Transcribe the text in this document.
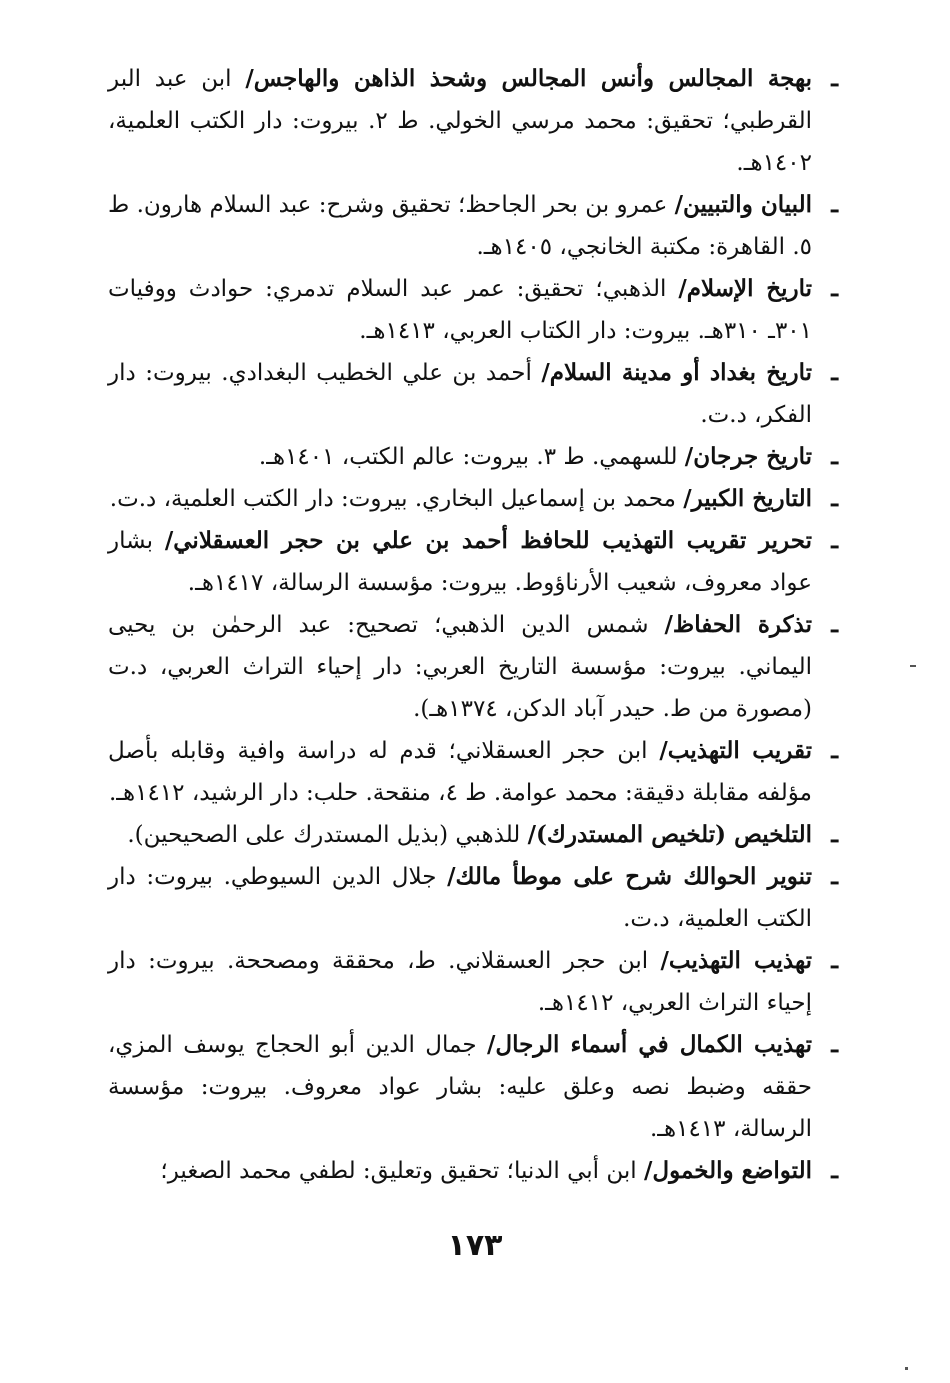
ـ
بهجة المجالس وأنس المجالس وشحذ الذاهن والهاجس/ ابن عبد البر القرطبي؛ تحقيق: محمد مرسي الخولي. ط ٢. بيروت: دار الكتب العلمية، ١٤٠٢هـ.
ـ
البيان والتبيين/ عمرو بن بحر الجاحظ؛ تحقيق وشرح: عبد السلام هارون. ط ٥. القاهرة: مكتبة الخانجي، ١٤٠٥هـ.
ـ
تاريخ الإسلام/ الذهبي؛ تحقيق: عمر عبد السلام تدمري: حوادث ووفيات ٣٠١ـ ٣١٠هـ. بيروت: دار الكتاب العربي، ١٤١٣هـ.
ـ
تاريخ بغداد أو مدينة السلام/ أحمد بن علي الخطيب البغدادي. بيروت: دار الفكر، د.ت.
ـ
تاريخ جرجان/ للسهمي. ط ٣. بيروت: عالم الكتب، ١٤٠١هـ.
ـ
التاريخ الكبير/ محمد بن إسماعيل البخاري. بيروت: دار الكتب العلمية، د.ت.
ـ
تحرير تقريب التهذيب للحافظ أحمد بن علي بن حجر العسقلاني/ بشار عواد معروف، شعيب الأرناؤوط. بيروت: مؤسسة الرسالة، ١٤١٧هـ.
ـ
تذكرة الحفاظ/ شمس الدين الذهبي؛ تصحيح: عبد الرحمٰن بن يحيى اليماني. بيروت: مؤسسة التاريخ العربي: دار إحياء التراث العربي، د.ت (مصورة من ط. حيدر آباد الدكن، ١٣٧٤هـ).
ـ
تقريب التهذيب/ ابن حجر العسقلاني؛ قدم له دراسة وافية وقابله بأصل مؤلفه مقابلة دقيقة: محمد عوامة. ط ٤، منقحة. حلب: دار الرشيد، ١٤١٢هـ.
ـ
التلخيص (تلخيص المستدرك)/ للذهبي (بذيل المستدرك على الصحيحين).
ـ
تنوير الحوالك شرح على موطأ مالك/ جلال الدين السيوطي. بيروت: دار الكتب العلمية، د.ت.
ـ
تهذيب التهذيب/ ابن حجر العسقلاني. ط، محققة ومصححة. بيروت: دار إحياء التراث العربي، ١٤١٢هـ.
ـ
تهذيب الكمال في أسماء الرجال/ جمال الدين أبو الحجاج يوسف المزي، حققه وضبط نصه وعلق عليه: بشار عواد معروف. بيروت: مؤسسة الرسالة، ١٤١٣هـ.
ـ
التواضع والخمول/ ابن أبي الدنيا؛ تحقيق وتعليق: لطفي محمد الصغير؛
١٧٣
